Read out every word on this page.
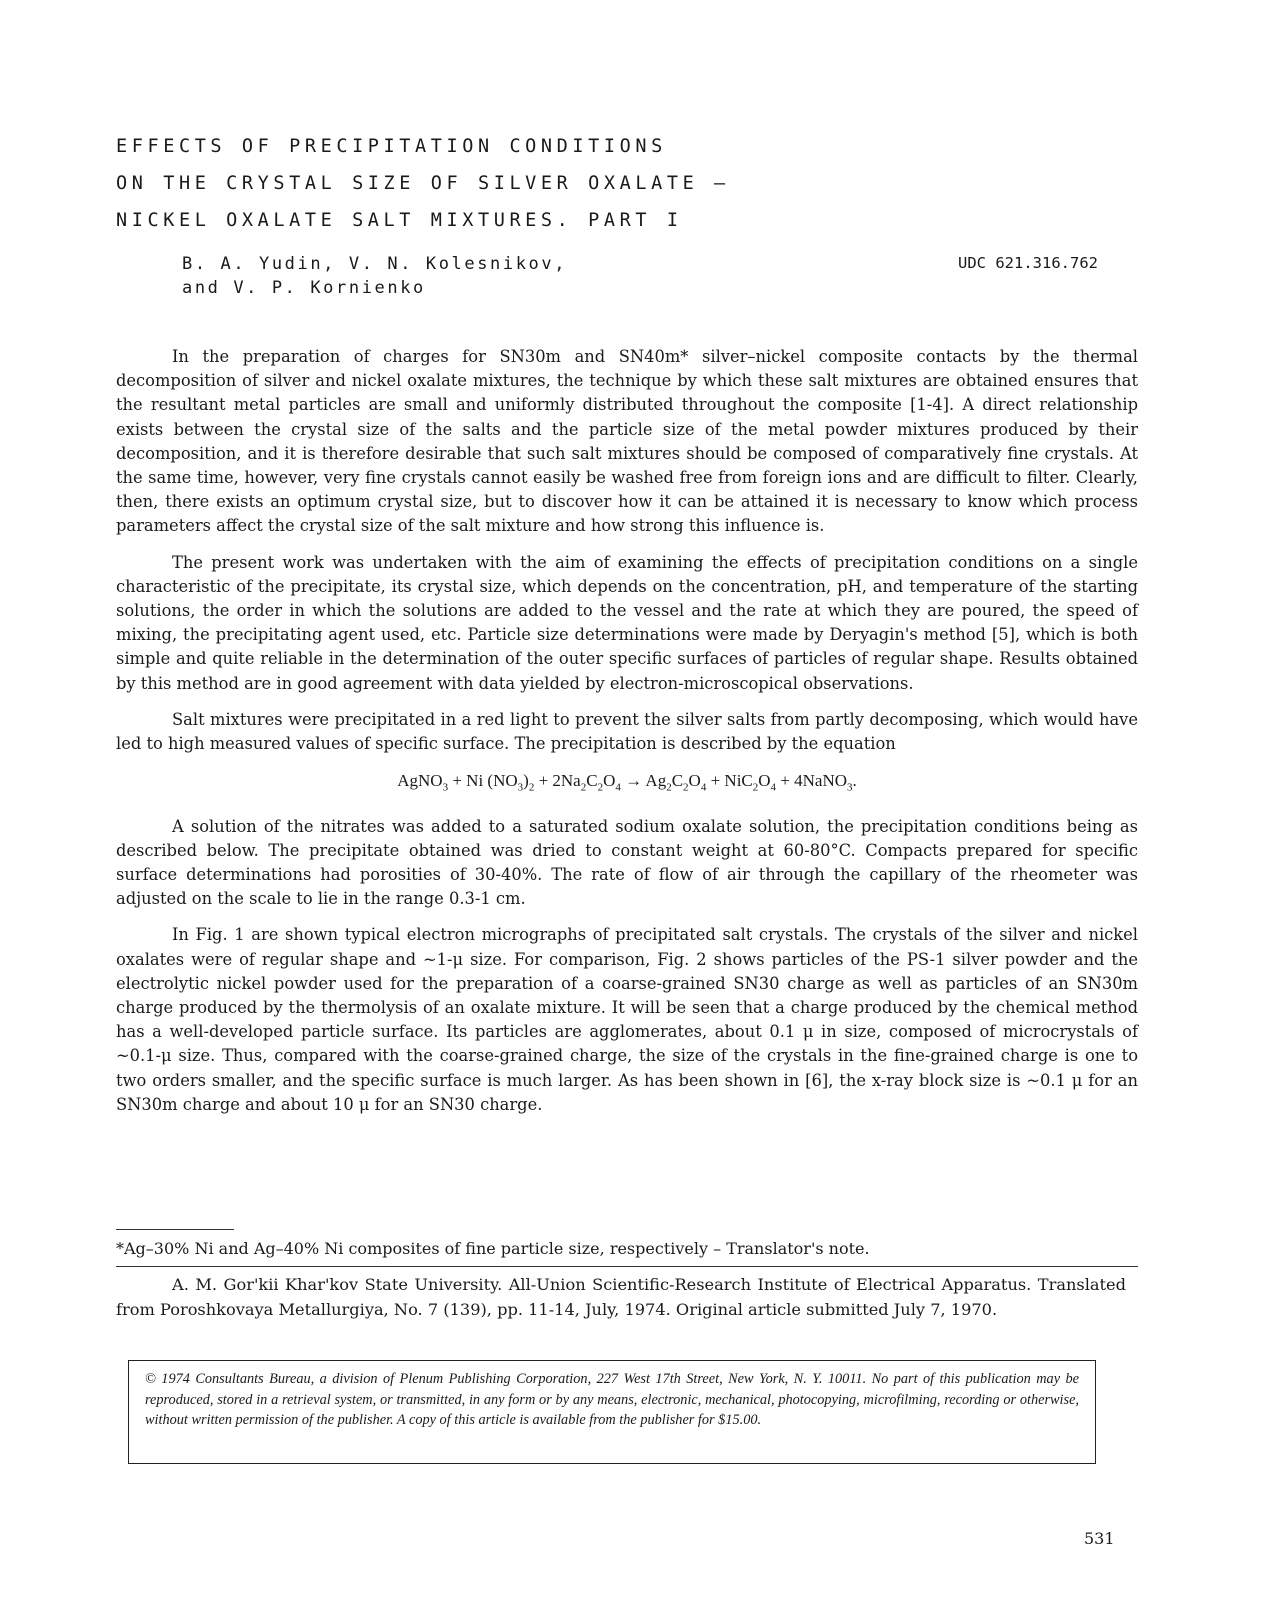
EFFECTS OF PRECIPITATION CONDITIONS
ON THE CRYSTAL SIZE OF SILVER OXALATE –
NICKEL OXALATE SALT MIXTURES. PART I
B. A. Yudin, V. N. Kolesnikov,
and V. P. Kornienko
UDC 621.316.762

In the preparation of charges for SN30m and SN40m* silver–nickel composite contacts by the thermal decomposition of silver and nickel oxalate mixtures, the technique by which these salt mixtures are obtained ensures that the resultant metal particles are small and uniformly distributed throughout the composite [1-4]. A direct relationship exists between the crystal size of the salts and the particle size of the metal powder mixtures produced by their decomposition, and it is therefore desirable that such salt mixtures should be composed of comparatively fine crystals. At the same time, however, very fine crystals cannot easily be washed free from foreign ions and are difficult to filter. Clearly, then, there exists an optimum crystal size, but to discover how it can be attained it is necessary to know which process parameters affect the crystal size of the salt mixture and how strong this influence is.

The present work was undertaken with the aim of examining the effects of precipitation conditions on a single characteristic of the precipitate, its crystal size, which depends on the concentration, pH, and temperature of the starting solutions, the order in which the solutions are added to the vessel and the rate at which they are poured, the speed of mixing, the precipitating agent used, etc. Particle size determinations were made by Deryagin's method [5], which is both simple and quite reliable in the determination of the outer specific surfaces of particles of regular shape. Results obtained by this method are in good agreement with data yielded by electron-microscopical observations.

Salt mixtures were precipitated in a red light to prevent the silver salts from partly decomposing, which would have led to high measured values of specific surface. The precipitation is described by the equation

AgNO$_3$ + Ni $(NO_3)_2 + 2Na_2C_2O_4 \to Ag_2C_2O_4 + NiC_2O_4$ + 4NaNO$_3$.

A solution of the nitrates was added to a saturated sodium oxalate solution, the precipitation conditions being as described below. The precipitate obtained was dried to constant weight at 60-80°C. Compacts prepared for specific surface determinations had porosities of 30-40%. The rate of flow of air through the capillary of the rheometer was adjusted on the scale to lie in the range 0.3-1 cm.

In Fig. 1 are shown typical electron micrographs of precipitated salt crystals. The crystals of the silver and nickel oxalates were of regular shape and ~1-μ size. For comparison, Fig. 2 shows particles of the PS-1 silver powder and the electrolytic nickel powder used for the preparation of a coarse-grained SN30 charge as well as particles of an SN30m charge produced by the thermolysis of an oxalate mixture. It will be seen that a charge produced by the chemical method has a well-developed particle surface. Its particles are agglomerates, about 0.1 μ in size, composed of microcrystals of ~0.1-μ size. Thus, compared with the coarse-grained charge, the size of the crystals in the fine-grained charge is one to two orders smaller, and the specific surface is much larger. As has been shown in [6], the x-ray block size is ~0.1 μ for an SN30m charge and about 10 μ for an SN30 charge.

*Ag–30% Ni and Ag–40% Ni composites of fine particle size, respectively – Translator's note.
A. M. Gor'kii Khar'kov State University. All-Union Scientific-Research Institute of Electrical Apparatus. Translated from Poroshkovaya Metallurgiya, No. 7 (139), pp. 11-14, July, 1974. Original article submitted July 7, 1970.

© 1974 Consultants Bureau, a division of Plenum Publishing Corporation, 227 West 17th Street, New York, N. Y. 10011. No part of this publication may be reproduced, stored in a retrieval system, or transmitted, in any form or by any means, electronic, mechanical, photocopying, microfilming, recording or otherwise, without written permission of the publisher. A copy of this article is available from the publisher for $15.00.

531
